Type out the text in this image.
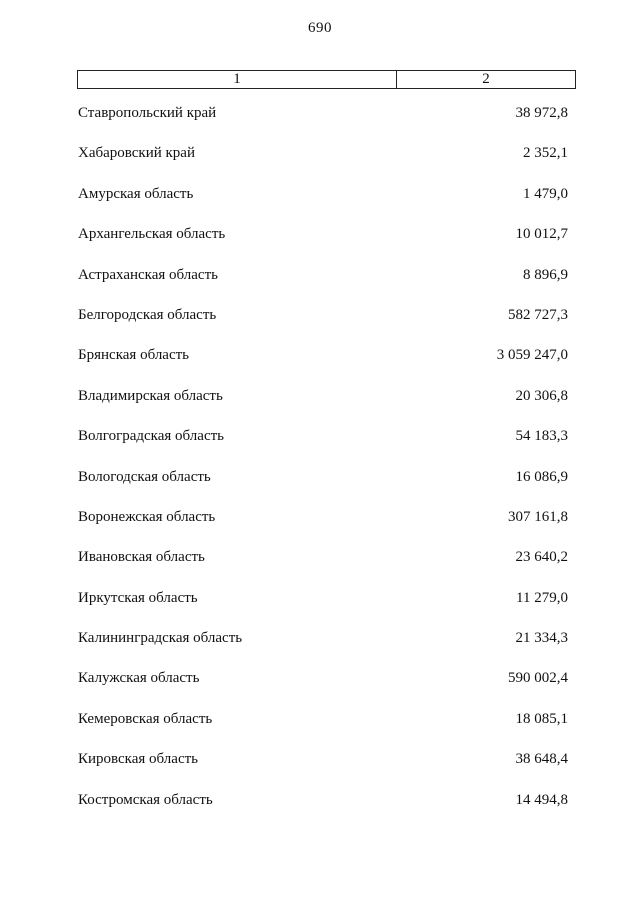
690
1	2
Ставропольский край	38 972,8
Хабаровский край	2 352,1
Амурская область	1 479,0
Архангельская область	10 012,7
Астраханская область	8 896,9
Белгородская область	582 727,3
Брянская область	3 059 247,0
Владимирская область	20 306,8
Волгоградская область	54 183,3
Вологодская область	16 086,9
Воронежская область	307 161,8
Ивановская область	23 640,2
Иркутская область	11 279,0
Калининградская область	21 334,3
Калужская область	590 002,4
Кемеровская область	18 085,1
Кировская область	38 648,4
Костромская область	14 494,8
